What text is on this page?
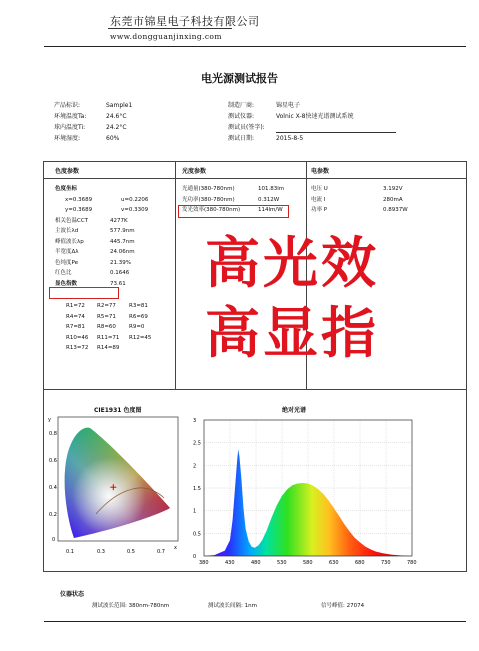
东莞市锦星电子科技有限公司
www.dongguanjinxing.com
电光源测试报告
产品标识:	Sample1
环境温度Ta:	24.6°C
球内温度Ti:	24.2°C
环境湿度:	60%
制造厂商:	锦星电子
测试仪器:	Volnic X-8快速光谱测试系统
测试员(签字):
测试日期:	2015-8-5
色度参数	光度参数	电参数
色度坐标
x=0.3689	u=0.2206
y=0.3689	v=0.3309
相关色温CCT	4277K
主波长λd	577.9nm
峰值波长λp	445.7nm
半宽度Δλ	24.06nm
色纯度Pe	21.39%
红色比	0.1646
显色指数	73.61
R1=72 R2=77 R3=81
R4=74 R5=71 R6=69
R7=81 R8=60 R9=0
R10=46 R11=71 R12=45
R13=72 R14=89
光通量(380-780nm)	101.83lm
光功率(380-780nm)	0.312W
发光效率(380-780nm)	114lm/W
电压 U	3.192V
电流 I	280mA
功率 P	0.8937W
高光效
高显指
CIE1931 色度图
y
x
0.8
0.6
0.4
0.2
0
0.1	0.3	0.5	0.7
绝对光谱
380	430	480	530	580	630	680	730	780
3
2.5
2
1.5
1
0.5
0
仪器状态
测试波长范围: 380nm-780nm	测试波长间隔: 1nm	信号峰值: 27074
